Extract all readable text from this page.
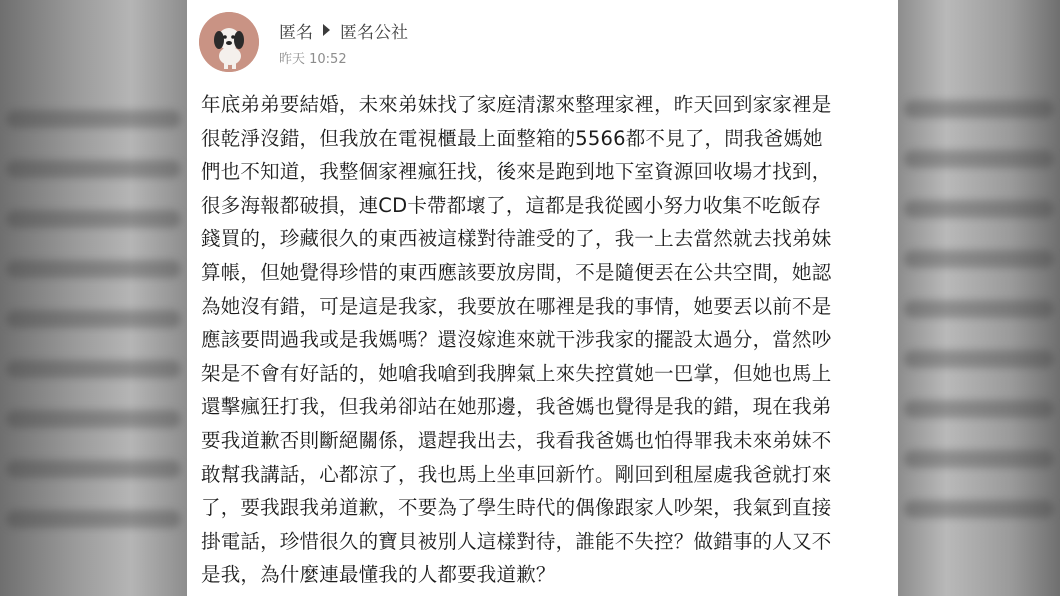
匿名 匿名公社
昨天 10:52
年底弟弟要結婚，未來弟妹找了家庭清潔來整理家裡，昨天回到家家裡是
很乾淨沒錯，但我放在電視櫃最上面整箱的5566都不見了，問我爸媽她
們也不知道，我整個家裡瘋狂找，後來是跑到地下室資源回收場才找到，
很多海報都破損，連CD卡帶都壞了，這都是我從國小努力收集不吃飯存
錢買的，珍藏很久的東西被這樣對待誰受的了，我一上去當然就去找弟妹
算帳，但她覺得珍惜的東西應該要放房間，不是隨便丟在公共空間，她認
為她沒有錯，可是這是我家，我要放在哪裡是我的事情，她要丟以前不是
應該要問過我或是我媽嗎？還沒嫁進來就干涉我家的擺設太過分，當然吵
架是不會有好話的，她嗆我嗆到我脾氣上來失控賞她一巴掌，但她也馬上
還擊瘋狂打我，但我弟卻站在她那邊，我爸媽也覺得是我的錯，現在我弟
要我道歉否則斷絕關係，還趕我出去，我看我爸媽也怕得罪我未來弟妹不
敢幫我講話，心都涼了，我也馬上坐車回新竹。剛回到租屋處我爸就打來
了，要我跟我弟道歉，不要為了學生時代的偶像跟家人吵架，我氣到直接
掛電話，珍惜很久的寶貝被別人這樣對待，誰能不失控？做錯事的人又不
是我，為什麼連最懂我的人都要我道歉？
